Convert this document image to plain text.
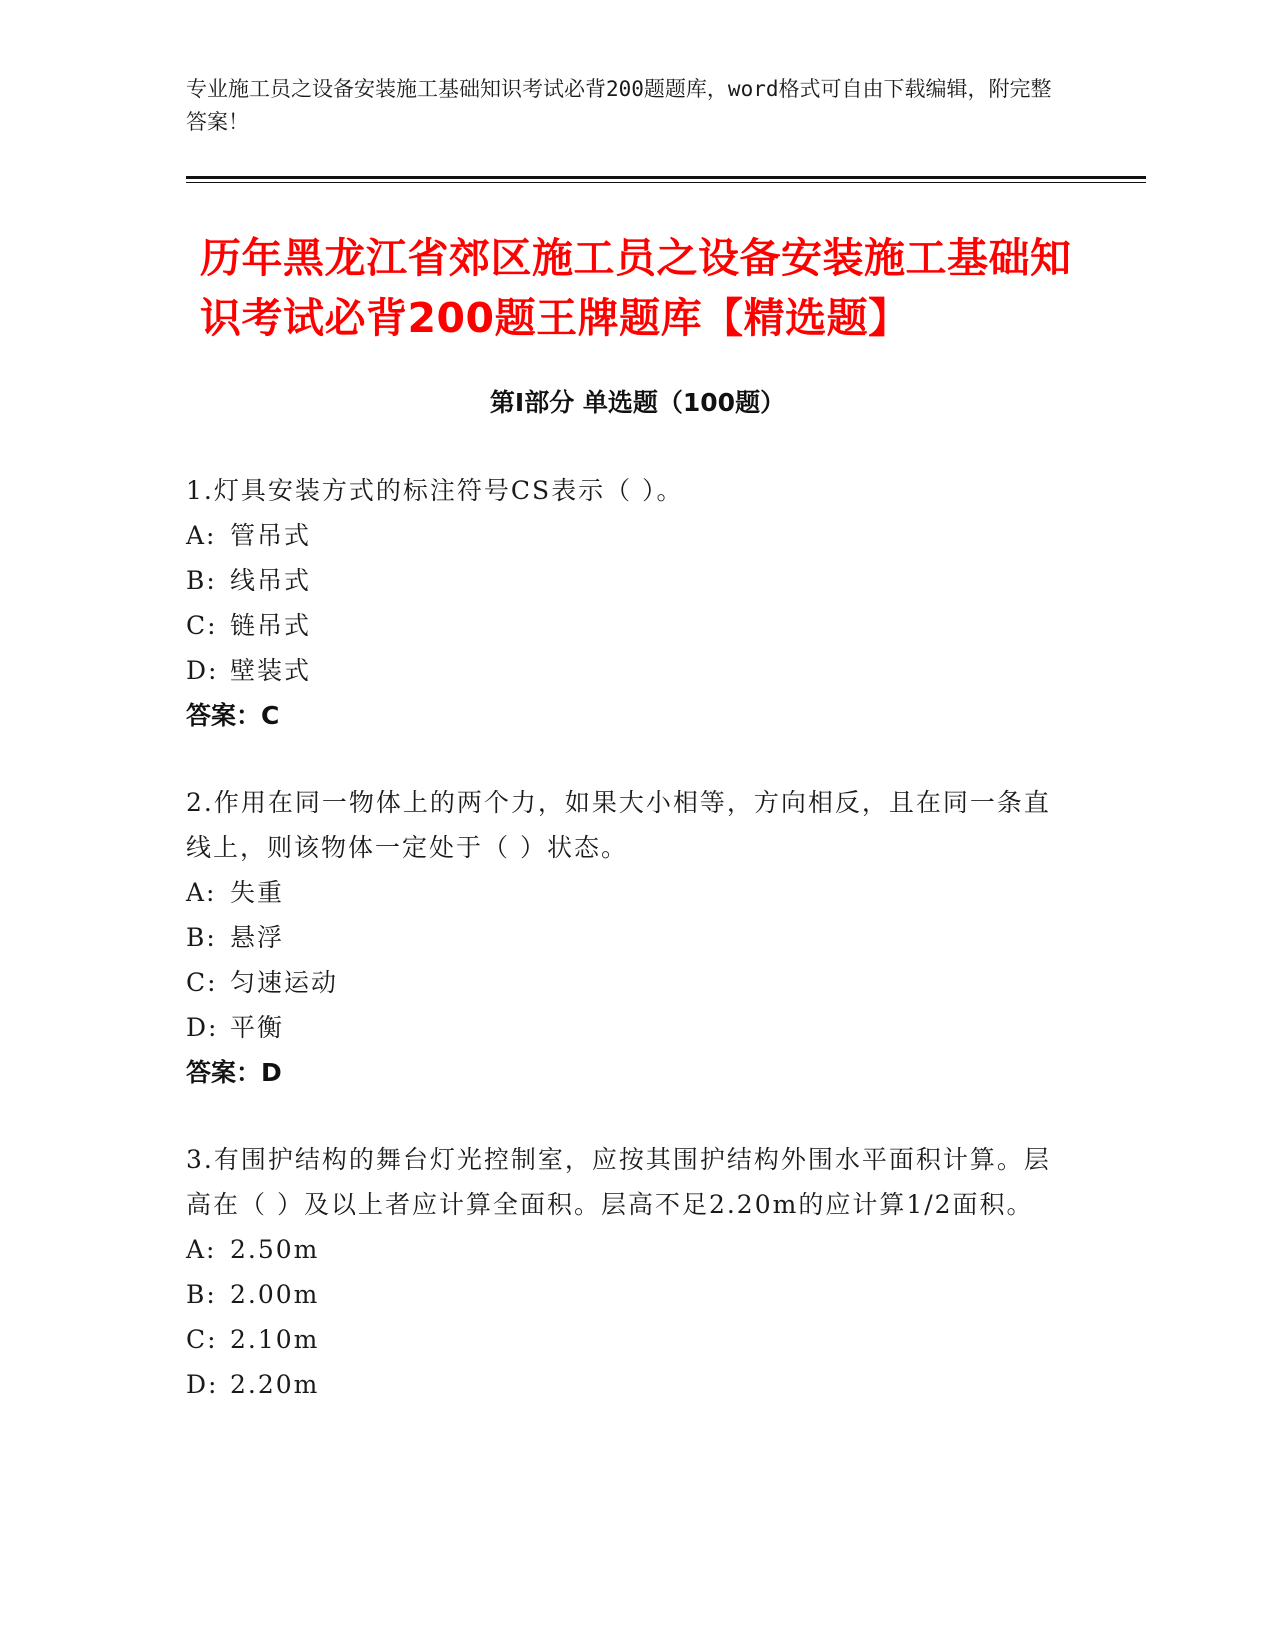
专业施工员之设备安装施工基础知识考试必背200题题库，word格式可自由下载编辑，附完整答案！
历年黑龙江省郊区施工员之设备安装施工基础知识考试必背200题王牌题库【精选题】
第Ⅰ部分 单选题（100题）
1.灯具安装方式的标注符号CS表示（ ）。
A: 管吊式
B: 线吊式
C: 链吊式
D: 壁装式
答案：C
2.作用在同一物体上的两个力，如果大小相等，方向相反，且在同一条直线上，则该物体一定处于（ ）状态。
A: 失重
B: 悬浮
C: 匀速运动
D: 平衡
答案：D
3.有围护结构的舞台灯光控制室，应按其围护结构外围水平面积计算。层高在（ ）及以上者应计算全面积。层高不足2.20m的应计算1/2面积。
A: 2.50m
B: 2.00m
C: 2.10m
D: 2.20m
